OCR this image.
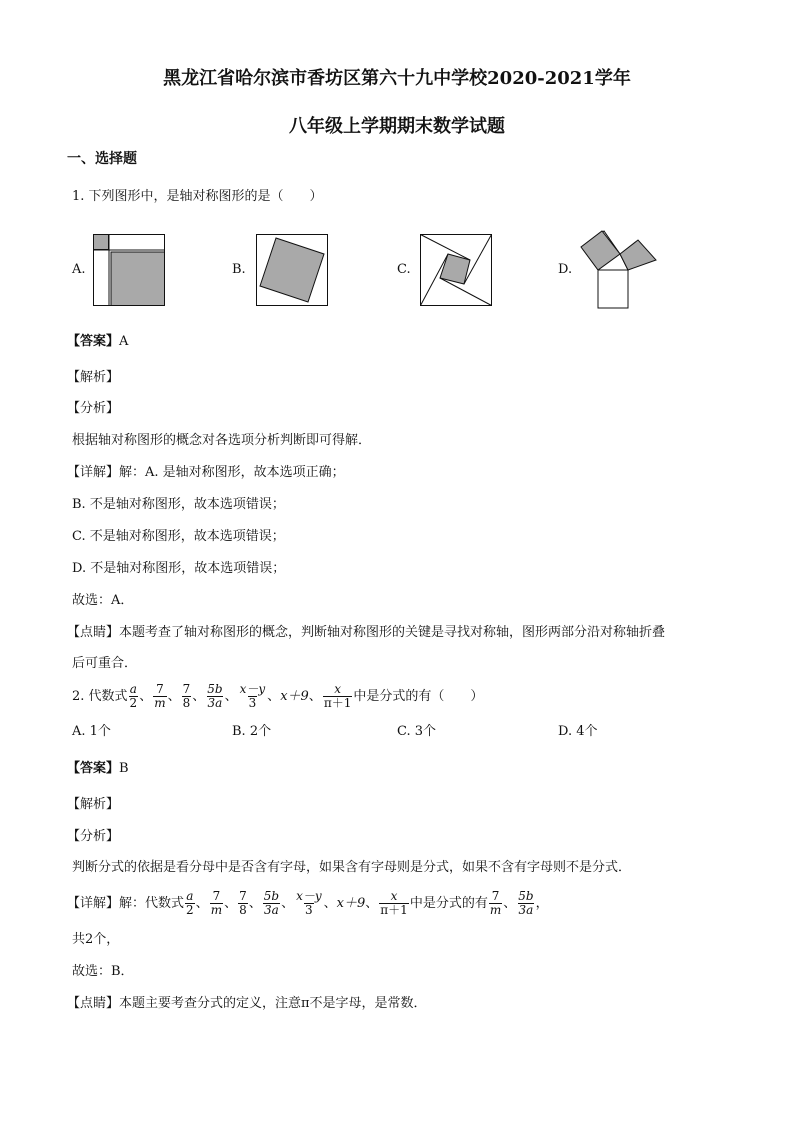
黑龙江省哈尔滨市香坊区第六十九中学校2020-2021学年
八年级上学期期末数学试题
一、选择题
1. 下列图形中，是轴对称图形的是（　　）
A.	B.	C.	D.
【答案】A
【解析】
【分析】
根据轴对称图形的概念对各选项分析判断即可得解．
【详解】解：A. 是轴对称图形，故本选项正确；
B. 不是轴对称图形，故本选项错误；
C. 不是轴对称图形，故本选项错误；
D. 不是轴对称图形，故本选项错误；
故选：A．
【点睛】本题考查了轴对称图形的概念，判断轴对称图形的关键是寻找对称轴，图形两部分沿对称轴折叠
后可重合．
2. 代数式 $\frac{a}{2}$ 、 $\frac{7}{m}$ 、 $\frac{7}{8}$ 、 $\frac{5b}{3a}$ 、 $\frac{x-y}{3}$ 、x＋9、 $\frac{x}{\pi+1}$ 中是分式的有（　　）
A. 1个	B. 2个	C. 3个	D. 4个
【答案】B
【解析】
【分析】
判断分式的依据是看分母中是否含有字母，如果含有字母则是分式，如果不含有字母则不是分式．
【详解】解：代数式 $\frac{a}{2}$ 、 $\frac{7}{m}$ 、 $\frac{7}{8}$ 、 $\frac{5b}{3a}$ 、 $\frac{x-y}{3}$ 、x＋9、 $\frac{x}{\pi+1}$ 中是分式的有 $\frac{7}{m}$ 、 $\frac{5b}{3a}$ ，
共2个，
故选：B．
【点睛】本题主要考查分式的定义，注意π不是字母，是常数．
